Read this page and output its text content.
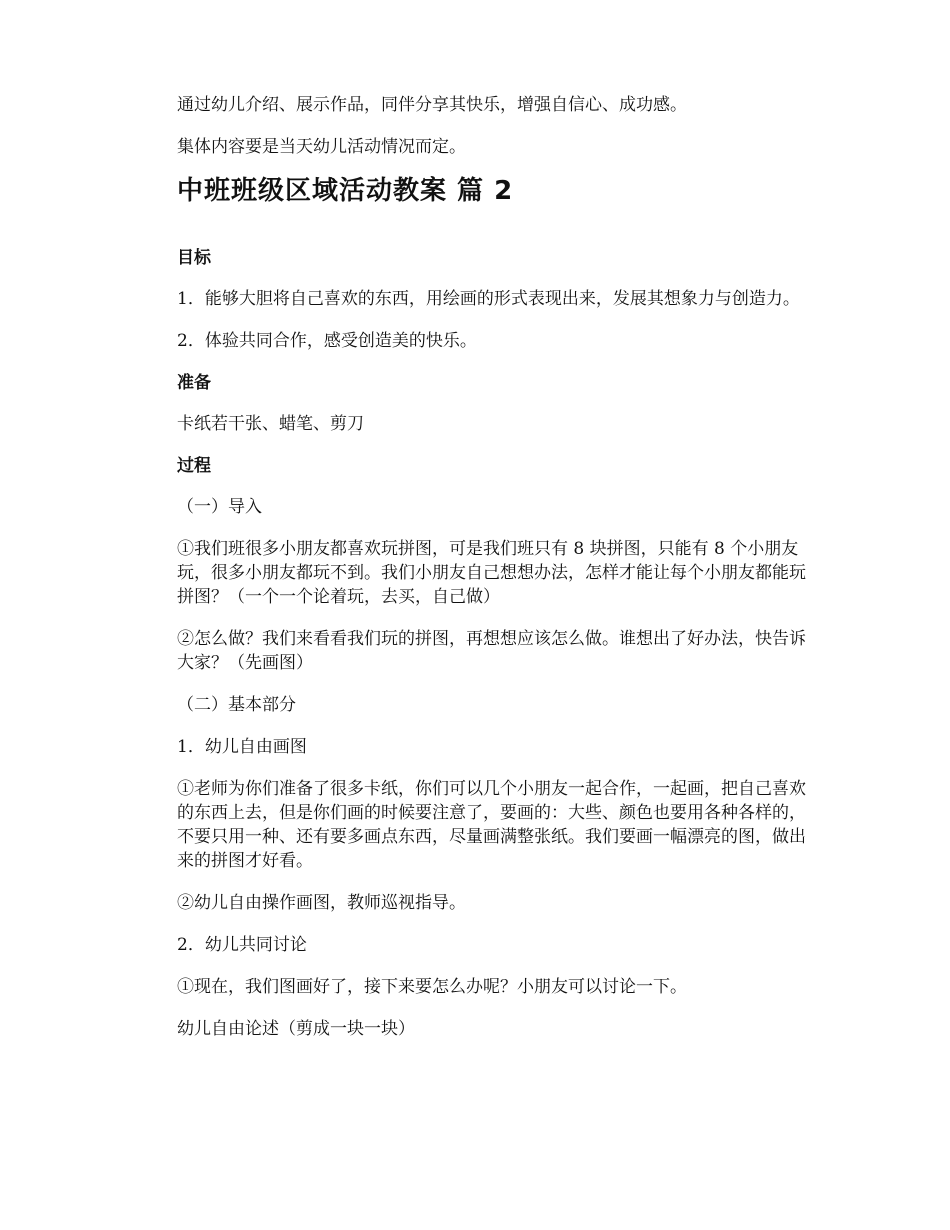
通过幼儿介绍、展示作品，同伴分享其快乐，增强自信心、成功感。

集体内容要是当天幼儿活动情况而定。

中班班级区域活动教案 篇 2
目标

1．能够大胆将自己喜欢的东西，用绘画的形式表现出来，发展其想象力与创造力。

2．体验共同合作，感受创造美的快乐。

准备

卡纸若干张、蜡笔、剪刀

过程

（一）导入

①我们班很多小朋友都喜欢玩拼图，可是我们班只有 8 块拼图，只能有 8 个小朋友玩，很多小朋友都玩不到。我们小朋友自己想想办法，怎样才能让每个小朋友都能玩拼图？（一个一个论着玩，去买，自己做）

②怎么做？我们来看看我们玩的拼图，再想想应该怎么做。谁想出了好办法，快告诉大家？（先画图）

（二）基本部分

1．幼儿自由画图

①老师为你们准备了很多卡纸，你们可以几个小朋友一起合作，一起画，把自己喜欢的东西上去，但是你们画的时候要注意了，要画的：大些、颜色也要用各种各样的，不要只用一种、还有要多画点东西，尽量画满整张纸。我们要画一幅漂亮的图，做出来的拼图才好看。

②幼儿自由操作画图，教师巡视指导。

2．幼儿共同讨论

①现在，我们图画好了，接下来要怎么办呢？小朋友可以讨论一下。

幼儿自由论述（剪成一块一块）
